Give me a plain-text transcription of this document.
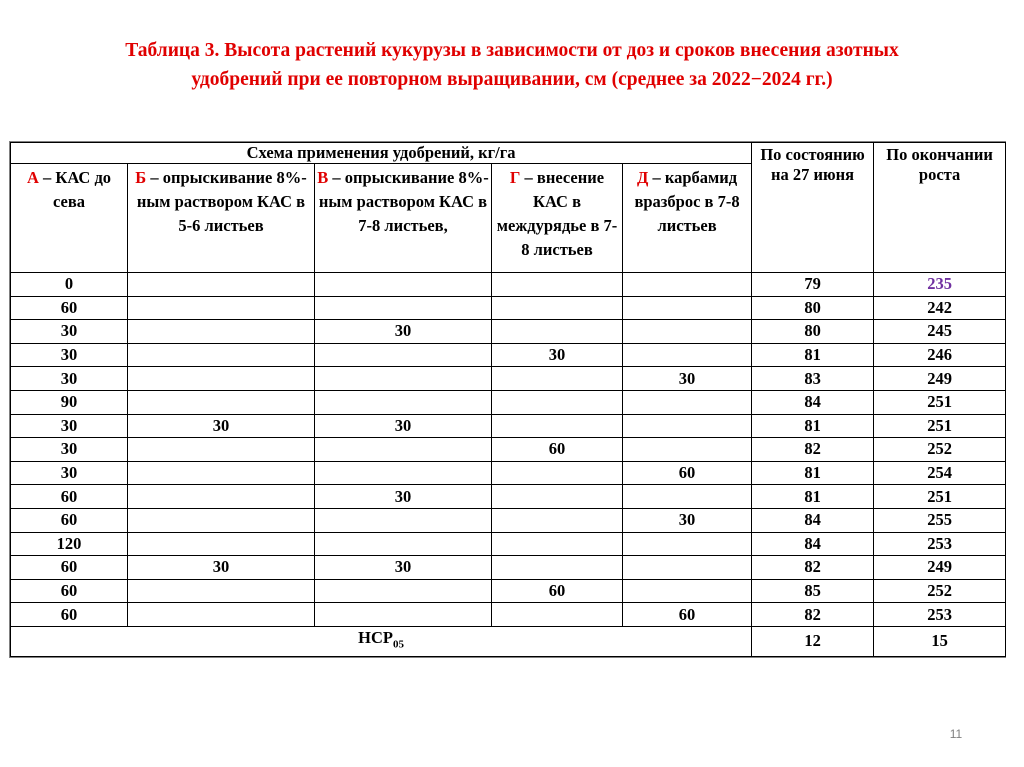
Таблица 3. Высота растений кукурузы в зависимости от доз и сроков внесения азотных
удобрений при ее повторном выращивании, см (среднее за 2022−2024 гг.)
Схема применения удобрений, кг/га					По состоянию на 27 июня	По окончании роста
А – КАС до сева	Б – опрыскивание 8%-ным раствором КАС в 5-6 листьев	В – опрыскивание 8%-ным раствором КАС в 7-8 листьев,	Г – внесение КАС в междурядье в 7-8 листьев	Д – карбамид вразброс в 7-8 листьев		
0					79	235
60					80	242
30		30			80	245
30			30		81	246
30				30	83	249
90					84	251
30	30	30			81	251
30			60		82	252
30				60	81	254
60		30			81	251
60				30	84	255
120					84	253
60	30	30			82	249
60			60		85	252
60				60	82	253
$НСР_{05}$					12	15
11
